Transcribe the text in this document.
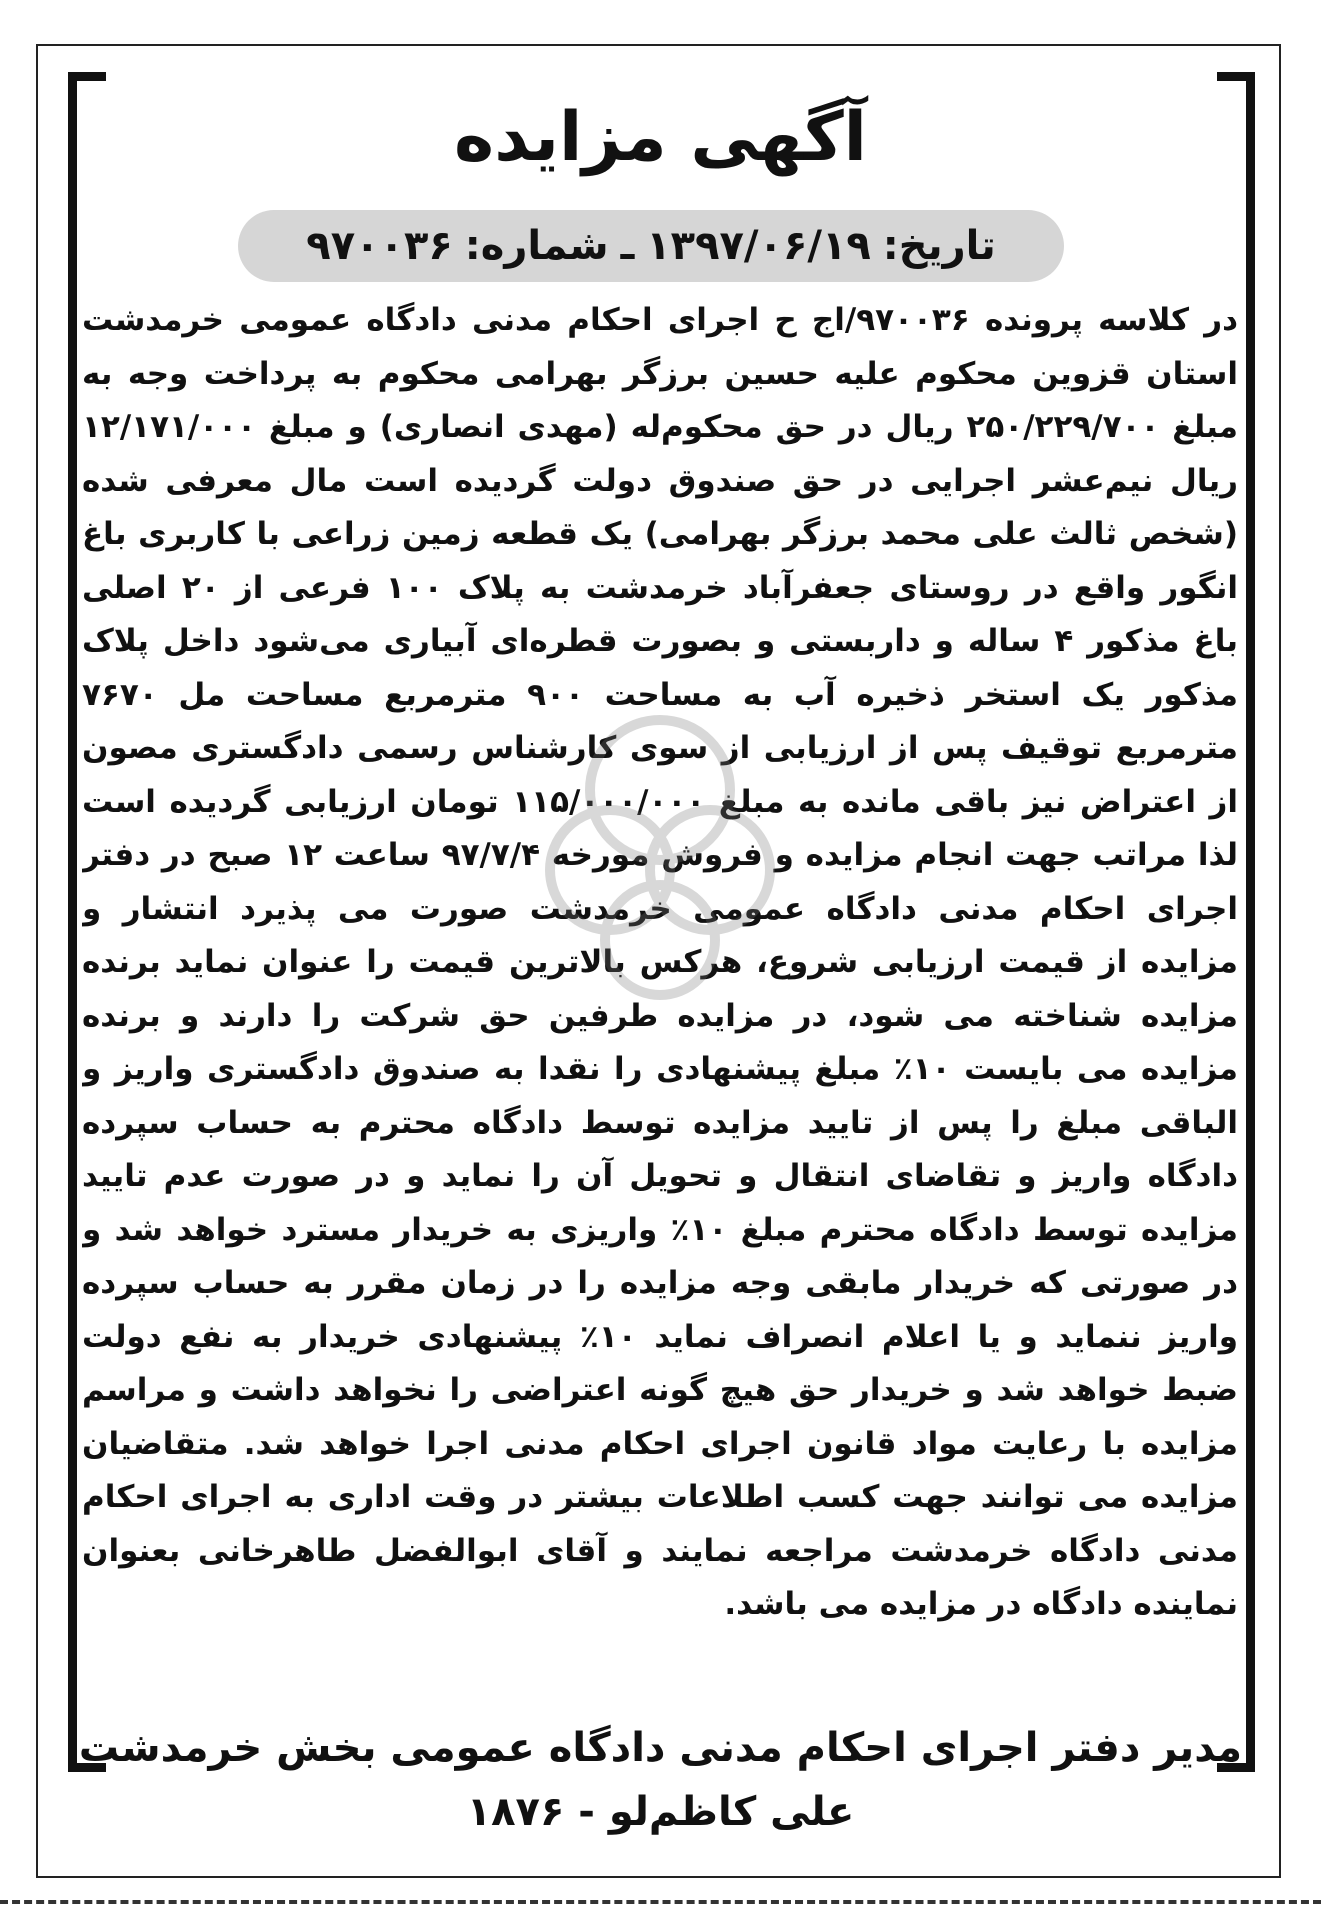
آگهی مزایده
تاریخ:
۱۳۹۷/۰۶/۱۹
ـ
شماره:
۹۷۰۰۳۶
در کلاسه پرونده ۹۷۰۰۳۶/اج ح اجرای احکام مدنی دادگاه عمومی خرمدشت استان قزوین محکوم علیه حسین برزگر بهرامی محکوم به پرداخت وجه به مبلغ ۲۵۰/۲۲۹/۷۰۰ ریال در حق محکوم‌له (مهدی انصاری) و مبلغ ۱۲/۱۷۱/۰۰۰ ریال نیم‌عشر اجرایی در حق صندوق دولت گردیده است مال معرفی شده (شخص ثالث علی محمد برزگر بهرامی) یک قطعه زمین زراعی با کاربری باغ انگور واقع در روستای جعفرآباد خرمدشت به پلاک ۱۰۰ فرعی از ۲۰ اصلی باغ مذکور ۴ ساله و داربستی و بصورت قطره‌ای آبیاری می‌شود داخل پلاک مذکور یک استخر ذخیره آب به مساحت ۹۰۰ مترمربع مساحت مل ۷۶۷۰ مترمربع توقیف پس از ارزیابی از سوی کارشناس رسمی دادگستری مصون از اعتراض نیز باقی مانده به مبلغ ۱۱۵/۰۰۰/۰۰۰ تومان ارزیابی گردیده است لذا مراتب جهت انجام مزایده و فروش مورخه ۹۷/۷/۴ ساعت ۱۲ صبح در دفتر اجرای احکام مدنی دادگاه عمومی خرمدشت صورت می پذیرد انتشار و مزایده از قیمت ارزیابی شروع، هرکس بالاترین قیمت را عنوان نماید برنده مزایده شناخته می شود، در مزایده طرفین حق شرکت را دارند و برنده مزایده می بایست ۱۰٪ مبلغ پیشنهادی را نقدا به صندوق دادگستری واریز و الباقی مبلغ را پس از تایید مزایده توسط دادگاه محترم به حساب سپرده دادگاه واریز و تقاضای انتقال و تحویل آن را نماید و در صورت عدم تایید مزایده توسط دادگاه محترم مبلغ ۱۰٪ واریزی به خریدار مسترد خواهد شد و در صورتی که خریدار مابقی وجه مزایده را در زمان مقرر به حساب سپرده واریز ننماید و یا اعلام انصراف نماید ۱۰٪ پیشنهادی خریدار به نفع دولت ضبط خواهد شد و خریدار حق هیچ گونه اعتراضی را نخواهد داشت و مراسم مزایده با رعایت مواد قانون اجرای احکام مدنی اجرا خواهد شد. متقاضیان مزایده می توانند جهت کسب اطلاعات بیشتر در وقت اداری به اجرای احکام مدنی دادگاه خرمدشت مراجعه نمایند و آقای ابوالفضل طاهرخانی بعنوان نماینده دادگاه در مزایده می باشد.
مدیر دفتر اجرای احکام مدنی دادگاه عمومی بخش خرمدشت
علی کاظم‌لو - ۱۸۷۶
